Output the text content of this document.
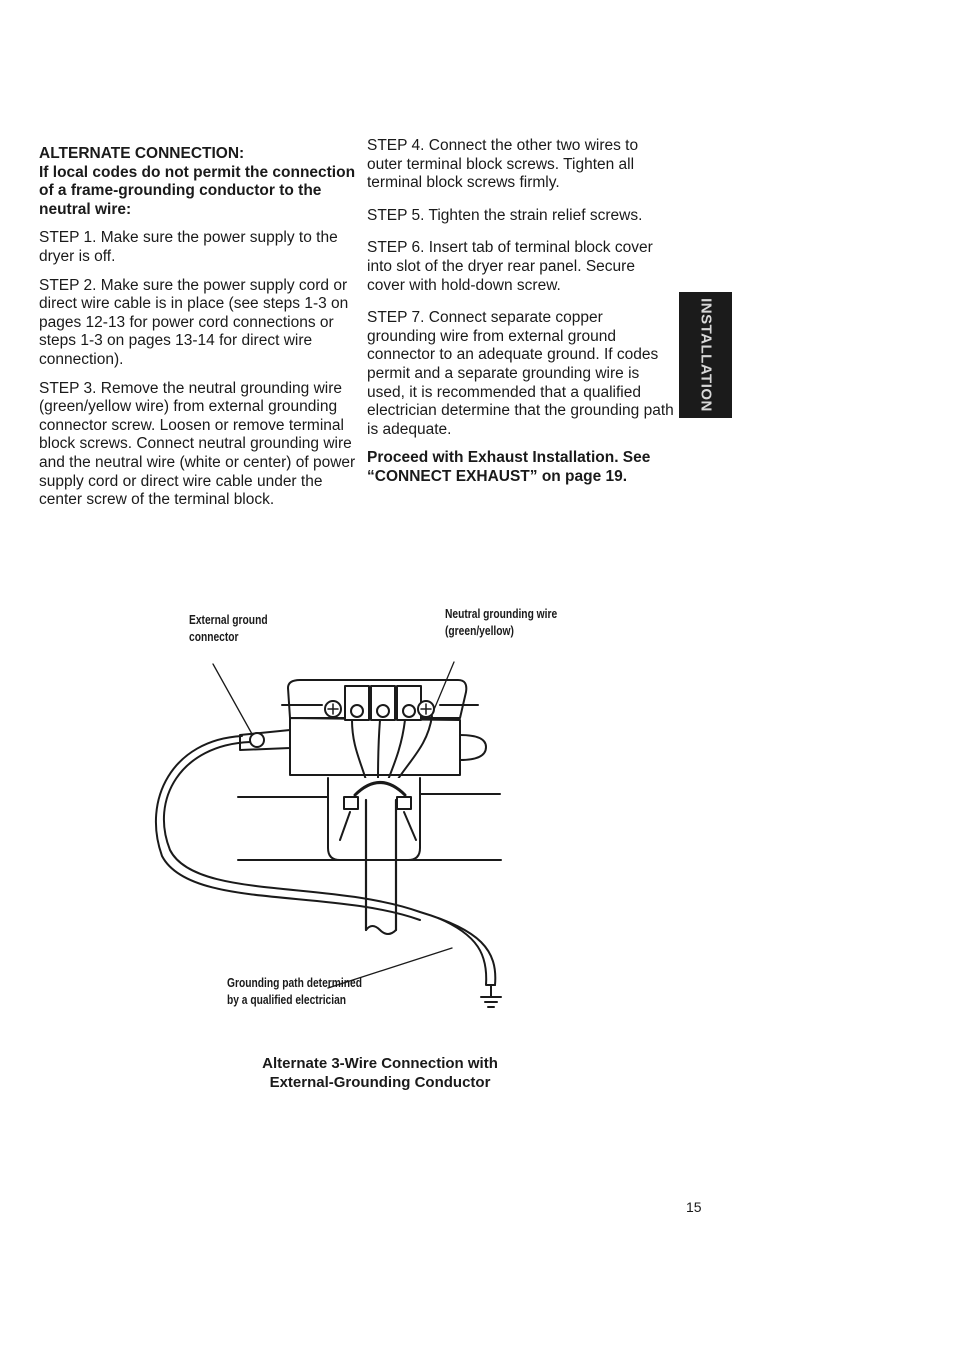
ALTERNATE CONNECTION:

If local codes do not permit the connection of a frame-grounding conductor to the neutral wire:

STEP 1. Make sure the power supply to the dryer is off.

STEP 2. Make sure the power supply cord or direct wire cable is in place (see steps 1-3 on pages 12-13 for power cord connections or steps 1-3 on pages 13-14 for direct wire connection).

STEP 3. Remove the neutral grounding wire (green/yellow wire) from external grounding connector screw. Loosen or remove terminal block screws. Connect neutral grounding wire and the neutral wire (white or center) of power supply cord or direct wire cable under the center screw of the terminal block.

STEP 4. Connect the other two wires to outer terminal block screws. Tighten all terminal block screws firmly.

STEP 5. Tighten the strain relief screws.

STEP 6. Insert tab of terminal block cover into slot of the dryer rear panel. Secure cover with hold-down screw.

STEP 7. Connect separate copper grounding wire from external ground connector to an adequate ground. If codes permit and a separate grounding wire is used, it is recommended that a qualified electrician determine that the grounding path is adequate.

Proceed with Exhaust Installation. See “CONNECT EXHAUST” on page 19.

INSTALLATION
External ground connector
Neutral grounding wire (green/yellow)
Grounding path determined by a qualified electrician
Alternate 3-Wire Connection with External-Grounding Conductor
15
